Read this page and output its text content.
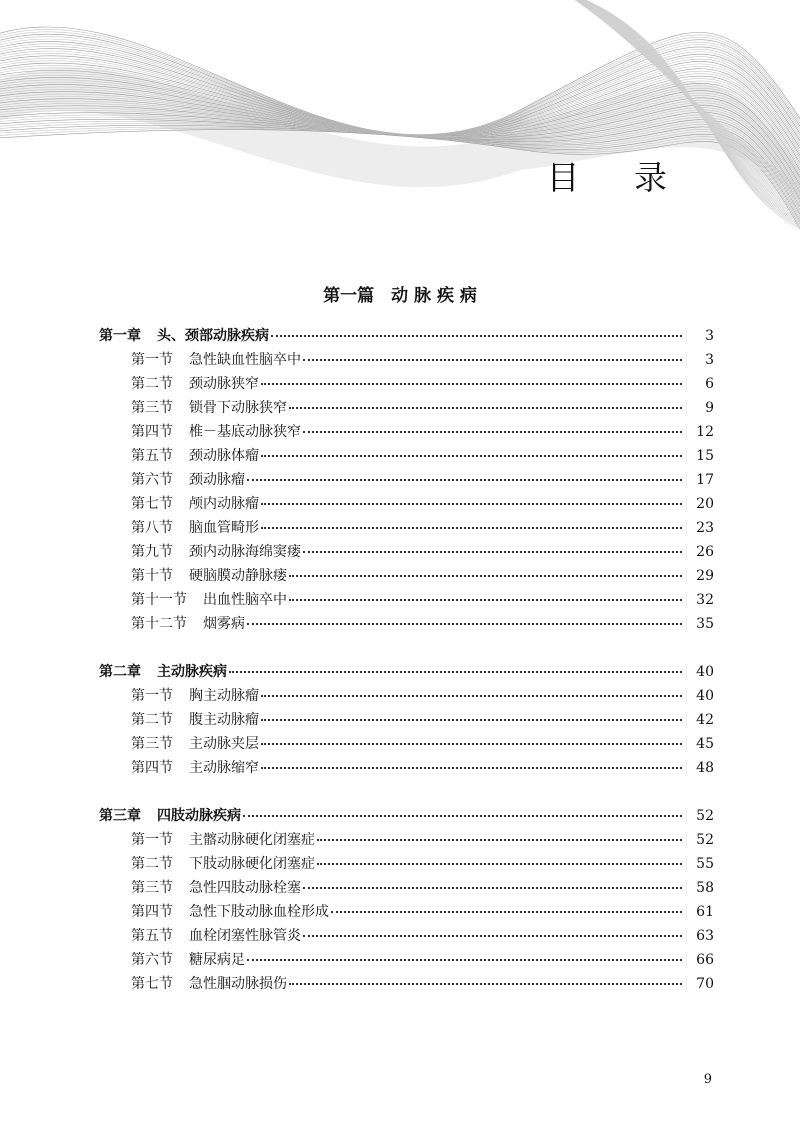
目 录
第一篇　动 脉 疾 病
第一章 头、颈部动脉疾病	3
第一节 急性缺血性脑卒中	3
第二节 颈动脉狭窄	6
第三节 锁骨下动脉狭窄	9
第四节 椎－基底动脉狭窄	12
第五节 颈动脉体瘤	15
第六节 颈动脉瘤	17
第七节 颅内动脉瘤	20
第八节 脑血管畸形	23
第九节 颈内动脉海绵窦瘘	26
第十节 硬脑膜动静脉瘘	29
第十一节 出血性脑卒中	32
第十二节 烟雾病	35
第二章 主动脉疾病	40
第一节 胸主动脉瘤	40
第二节 腹主动脉瘤	42
第三节 主动脉夹层	45
第四节 主动脉缩窄	48
第三章 四肢动脉疾病	52
第一节 主髂动脉硬化闭塞症	52
第二节 下肢动脉硬化闭塞症	55
第三节 急性四肢动脉栓塞	58
第四节 急性下肢动脉血栓形成	61
第五节 血栓闭塞性脉管炎	63
第六节 糖尿病足	66
第七节 急性腘动脉损伤	70
9
